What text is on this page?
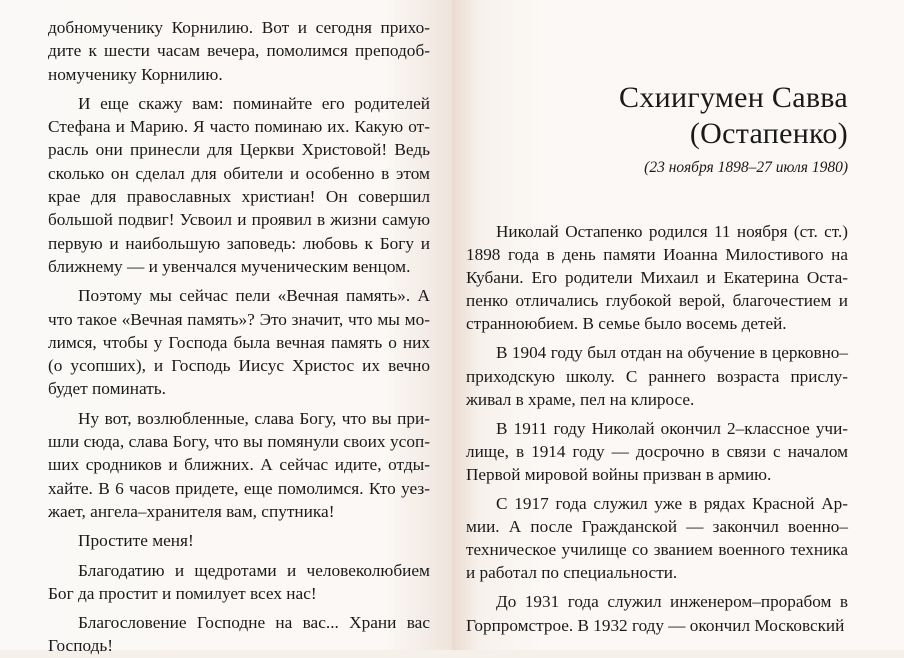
добномученику Корнилию. Вот и сегодня приходите к шести часам вечера, помолимся преподобномученику Корнилию.

И еще скажу вам: поминайте его родителей Стефана и Марию. Я часто поминаю их. Какую отрасль они принесли для Церкви Христовой! Ведь сколько он сделал для обители и особенно в этом крае для православных христиан! Он совершил большой подвиг! Усвоил и проявил в жизни самую первую и наибольшую заповедь: любовь к Богу и ближнему — и увенчался мученическим венцом.

Поэтому мы сейчас пели «Вечная память». А что такое «Вечная память»? Это значит, что мы молимся, чтобы у Господа была вечная память о них (о усопших), и Господь Иисус Христос их вечно будет поминать.

Ну вот, возлюбленные, слава Богу, что вы пришли сюда, слава Богу, что вы помянули своих усопших сродников и ближних. А сейчас идите, отдыхайте. В 6 часов придете, еще помолимся. Кто уезжает, ангела–хранителя вам, спутника!

Простите меня!

Благодатию и щедротами и человеколюбием Бог да простит и помилует всех нас!

Благословение Господне на вас... Храни вас Господь!

Схиигумен Савва
(Остапенко)

(23 ноября 1898–27 июля 1980)

Николай Остапенко родился 11 ноября (ст. ст.) 1898 года в день памяти Иоанна Милостивого на Кубани. Его родители Михаил и Екатерина Остапенко отличались глубокой верой, благочестием и странноюбием. В семье было восемь детей.

В 1904 году был отдан на обучение в церковно–приходскую школу. С раннего возраста прислуживал в храме, пел на клиросе.

В 1911 году Николай окончил 2–классное училище, в 1914 году — досрочно в связи с началом Первой мировой войны призван в армию.

С 1917 года служил уже в рядах Красной Армии. А после Гражданской — закончил военно–техническое училище со званием военного техника и работал по специальности.

До 1931 года служил инженером–прорабом в Горпромстрое. В 1932 году — окончил Московский
